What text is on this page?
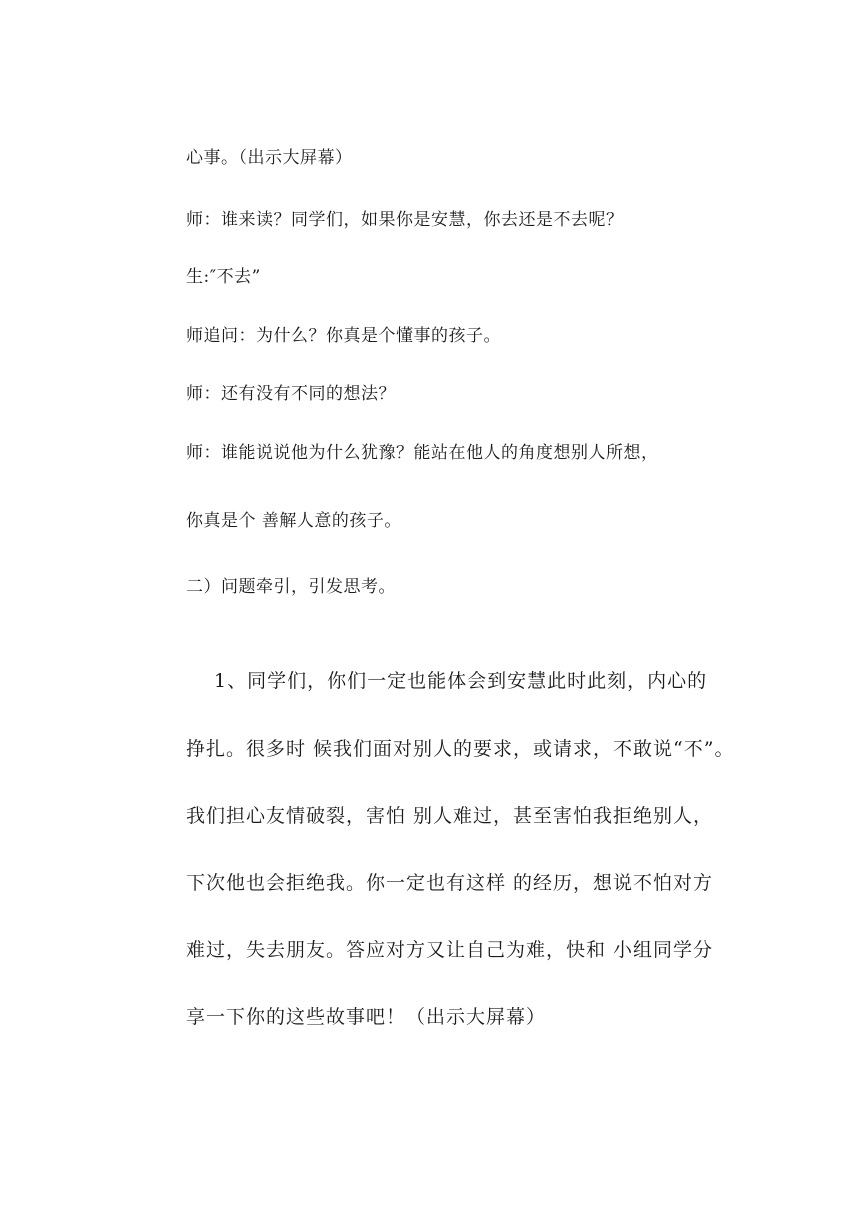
心事。（出示大屏幕）
师：谁来读？同学们，如果你是安慧，你去还是不去呢？
生:″不去”
师追问：为什么？你真是个懂事的孩子。
师：还有没有不同的想法？
师：谁能说说他为什么犹豫？能站在他人的角度想别人所想，
你真是个 善解人意的孩子。
二）问题牵引，引发思考。
1、同学们，你们一定也能体会到安慧此时此刻，内心的
挣扎。很多时 候我们面对别人的要求，或请求，不敢说“不”。
我们担心友情破裂，害怕 别人难过，甚至害怕我拒绝别人，
下次他也会拒绝我。你一定也有这样 的经历，想说不怕对方
难过，失去朋友。答应对方又让自己为难，快和 小组同学分
享一下你的这些故事吧！（出示大屏幕）
